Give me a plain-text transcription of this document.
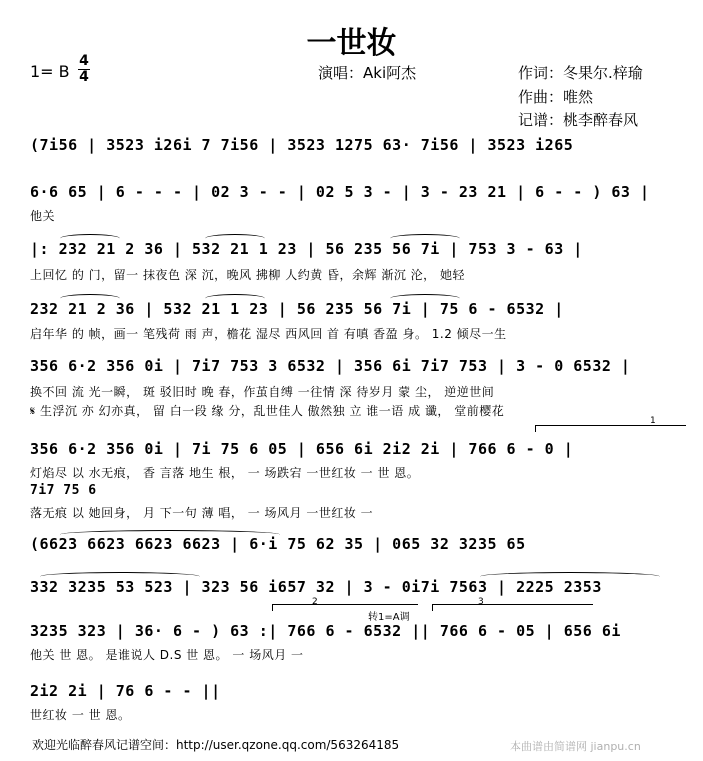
一世妆
1= B
4
4	演唱：Aki阿杰	作词：冬果尔.梓瑜
作曲：唯然
记谱：桃李醉春风
(7i56 | 3523 i26i 7 7i56 | 3523 1275 63· 7i56 | 3523 i265
6·6 65 | 6 - - - | 02 3 - - | 02 5 3 - | 3 - 23 21 | 6 - - ) 63 |
他关
|: 232 21 2 36 | 532 21 1 23 | 56 235 56 7i | 753 3 - 63 |
上回忆 的 门，留一 抹夜色 深 沉，晚风 拂柳 人约黄 昏，余辉 渐沉 沦， 她轻
232 21 2 36 | 532 21 1 23 | 56 235 56 7i | 75 6 - 6532 |
启年华 的 帧，画一 笔残荷 雨 声，檐花 湿尽 西风回 首 有嗔 香盈 身。 1.2 倾尽一生
356 6·2 356 0i | 7i7 753 3 6532 | 356 6i 7i7 753 | 3 - 0 6532 |
换不回 流 光一瞬， 斑 驳旧时 晚 春，作茧自缚 一往情 深 待岁月 蒙 尘， 逆逆世间
𝄋 生浮沉 亦 幻亦真， 留 白一段 缘 分，乱世佳人 傲然独 立 谁一语 成 谶， 堂前樱花
356 6·2 356 0i | 7i 75 6 05 | 656 6i 2i2 2i | 766 6 - 0 |
灯焰尽 以 水无痕， 香 言落 地生 根， 一 场跌宕 一世红妆 一 世 恩。
7i7 75 6
落无痕 以 她回身， 月 下一句 薄 唱， 一 场风月 一世红妆 一
(6623 6623 6623 6623 | 6·i 75 62 35 | 065 32 3235 65
332 3235 53 523 | 323 56 i657 32 | 3 - 0i7i 7563 | 2225 2353
1
2	3
转1=A调
3235 323 | 36· 6 - ) 63 :| 766 6 - 6532 || 766 6 - 05 | 656 6i
他关 世 恩。 是谁说人 D.S 世 恩。 一 场风月 一
2i2 2i | 76 6 - - ||
世红妆 一 世 恩。
欢迎光临醉春风记谱空间：http://user.qzone.qq.com/563264185	本曲谱由简谱网 jianpu.cn
